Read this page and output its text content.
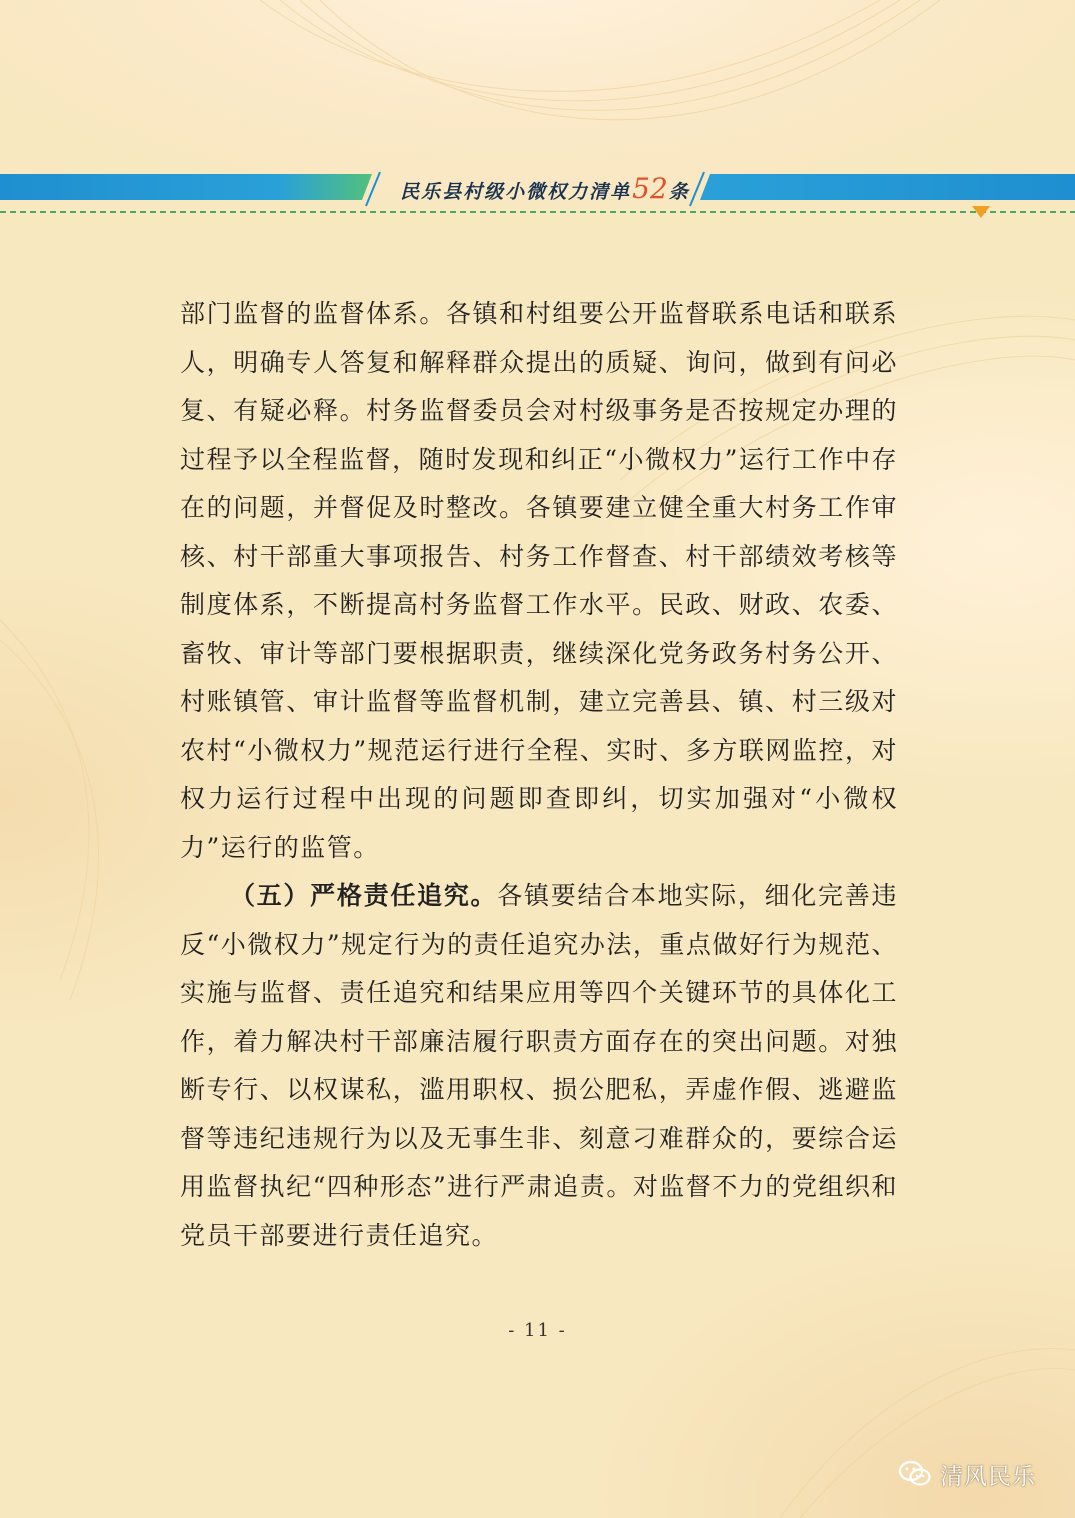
民乐县村级小微权力清单 52 条

部门监督的监督体系。各镇和村组要公开监督联系电话和联系人，明确专人答复和解释群众提出的质疑、询问，做到有问必复、有疑必释。村务监督委员会对村级事务是否按规定办理的过程予以全程监督，随时发现和纠正“小微权力”运行工作中存在的问题，并督促及时整改。各镇要建立健全重大村务工作审核、村干部重大事项报告、村务工作督查、村干部绩效考核等制度体系，不断提高村务监督工作水平。民政、财政、农委、畜牧、审计等部门要根据职责，继续深化党务政务村务公开、村账镇管、审计监督等监督机制，建立完善县、镇、村三级对农村“小微权力”规范运行进行全程、实时、多方联网监控，对权力运行过程中出现的问题即查即纠，切实加强对“小微权力”运行的监管。

（五）严格责任追究。各镇要结合本地实际，细化完善违反“小微权力”规定行为的责任追究办法，重点做好行为规范、实施与监督、责任追究和结果应用等四个关键环节的具体化工作，着力解决村干部廉洁履行职责方面存在的突出问题。对独断专行、以权谋私，滥用职权、损公肥私，弄虚作假、逃避监督等违纪违规行为以及无事生非、刻意刁难群众的，要综合运用监督执纪“四种形态”进行严肃追责。对监督不力的党组织和党员干部要进行责任追究。

- 11 -
清风民乐
